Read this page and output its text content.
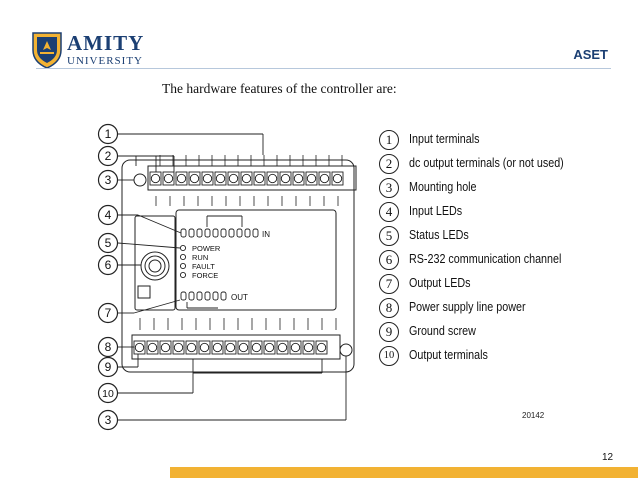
AMITY
UNIVERSITY	ASET
The hardware features of the controller are:
IN
POWER
RUN
FAULT
FORCE
OUT
1
2
3
4
5
6
7
8
9
10
3
1	Input terminals
2	dc output terminals (or not used)
3	Mounting hole
4	Input LEDs
5	Status LEDs
6	RS-232 communication channel
7	Output LEDs
8	Power supply line power
9	Ground screw
10	Output terminals
20142
12
